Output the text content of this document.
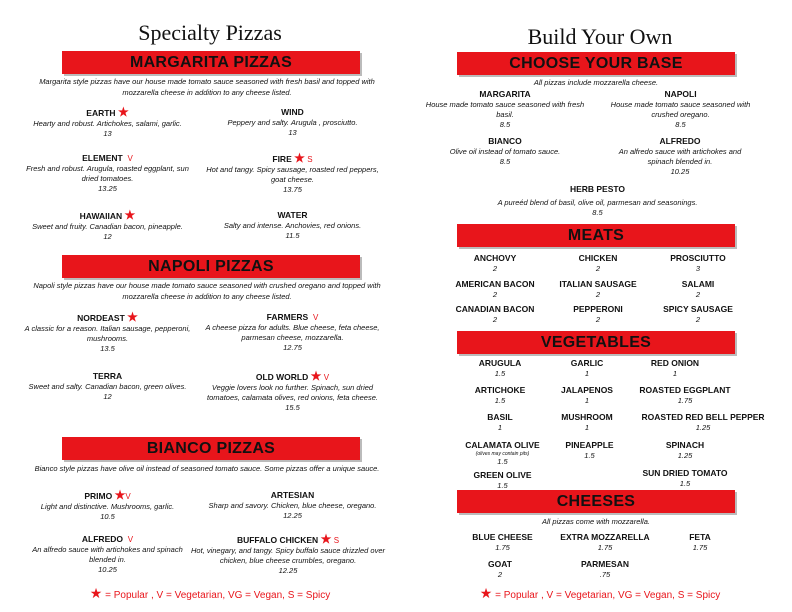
Specialty Pizzas
MARGARITA PIZZAS
Margarita style pizzas have our house made tomato sauce seasoned with fresh basil and topped with mozzarella cheese in addition to any cheese listed.
EARTH ★
Hearty and robust. Artichokes, salami, garlic.
13
WIND
Peppery and salty. Arugula , prosciutto.
13
ELEMENT V
Fresh and robust. Arugula, roasted eggplant, sun dried tomatoes.
13.25
FIRE ★ S
Hot and tangy. Spicy sausage, roasted red peppers, goat cheese.
13.75
HAWAIIAN ★
Sweet and fruity. Canadian bacon, pineapple.
12
WATER
Salty and intense. Anchovies, red onions.
11.5
NAPOLI PIZZAS
Napoli style pizzas have our house made tomato sauce seasoned with crushed oregano and topped with mozzarella cheese in addition to any cheese listed.
NORDEAST ★
A classic for a reason. Italian sausage, pepperoni, mushrooms.
13.5
FARMERS V
A cheese pizza for adults. Blue cheese, feta cheese, parmesan cheese, mozzarella.
12.75
TERRA
Sweet and salty. Canadian bacon, green olives.
12
OLD WORLD ★ V
Veggie lovers look no further. Spinach, sun dried tomatoes, calamata olives, red onions, feta cheese.
15.5
BIANCO PIZZAS
Bianco style pizzas have olive oil instead of seasoned tomato sauce. Some pizzas offer a unique sauce.
PRIMO ★V
Light and distinctive. Mushrooms, garlic.
10.5
ARTESIAN
Sharp and savory. Chicken, blue cheese, oregano.
12.25
ALFREDO V
An alfredo sauce with artichokes and spinach blended in.
10.25
BUFFALO CHICKEN ★ S
Hot, vinegary, and tangy. Spicy buffalo sauce drizzled over chicken, blue cheese crumbles, oregano.
12.25
★ = Popular , V = Vegetarian, VG = Vegan, S = Spicy
Build Your Own
CHOOSE YOUR BASE
All pizzas include mozzarella cheese.
MARGARITA
House made tomato sauce seasoned with fresh basil.
8.5
NAPOLI
House made tomato sauce seasoned with crushed oregano.
8.5
BIANCO
Olive oil instead of tomato sauce.
8.5
ALFREDO
An alfredo sauce with artichokes and spinach blended in.
10.25
HERB PESTO
A pureéd blend of basil, olive oil, parmesan and seasonings.
8.5
MEATS
ANCHOVY
2
CHICKEN
2
PROSCIUTTO
3
AMERICAN BACON
2
ITALIAN SAUSAGE
2
SALAMI
2
CANADIAN BACON
2
PEPPERONI
2
SPICY SAUSAGE
2
VEGETABLES
ARUGULA
1.5
GARLIC
1
RED ONION
1
ARTICHOKE
1.5
JALAPENOS
1
ROASTED EGGPLANT
1.75
BASIL
1
MUSHROOM
1
ROASTED RED BELL PEPPER
1.25
CALAMATA OLIVE
(olives may contain pits)
1.5
PINEAPPLE
1.5
SPINACH
1.25
GREEN OLIVE
1.5
SUN DRIED TOMATO
1.5
CHEESES
All pizzas come with mozzarella.
BLUE CHEESE
1.75
EXTRA MOZZARELLA
1.75
FETA
1.75
GOAT
2
PARMESAN
.75
★ = Popular , V = Vegetarian, VG = Vegan, S = Spicy
